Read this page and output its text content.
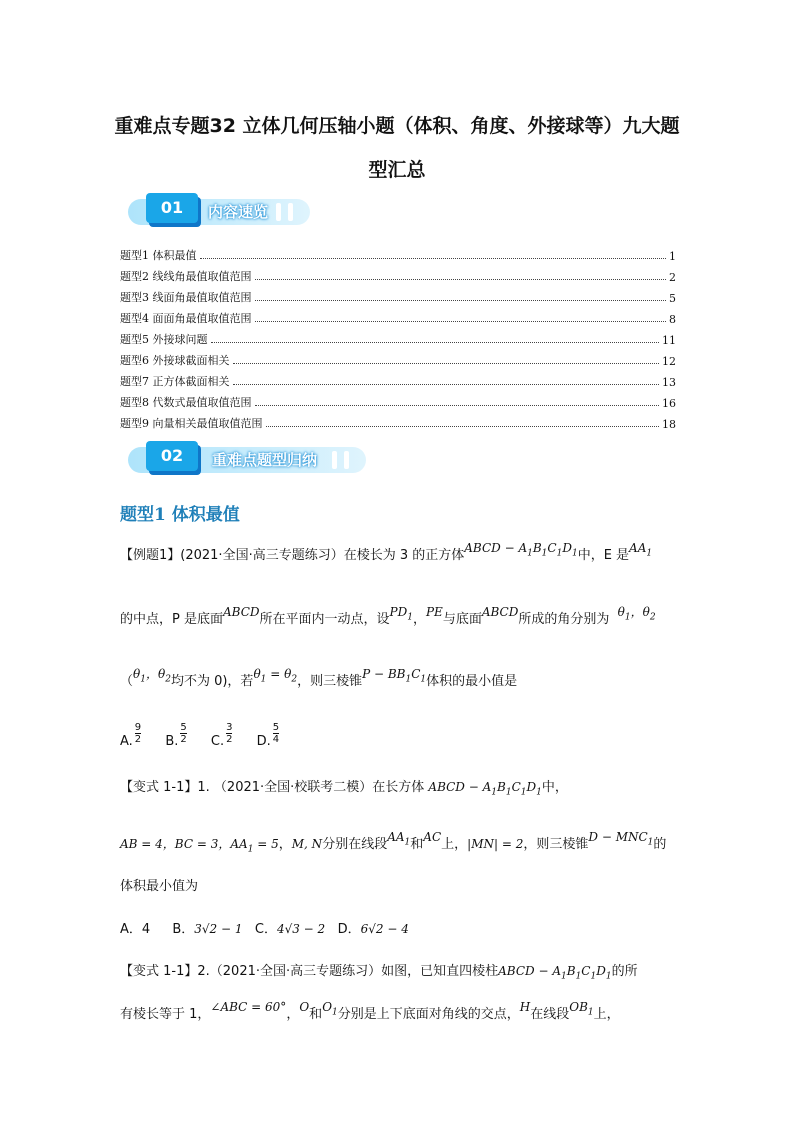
重难点专题32 立体几何压轴小题（体积、角度、外接球等）九大题
型汇总
01	内容速览
题型1 体积最值	1
题型2 线线角最值取值范围	2
题型3 线面角最值取值范围	5
题型4 面面角最值取值范围	8
题型5 外接球问题	11
题型6 外接球截面相关	12
题型7 正方体截面相关	13
题型8 代数式最值取值范围	16
题型9 向量相关最值取值范围	18
02	重难点题型归纳
题型1 体积最值
【例题1】(2021·全国·高三专题练习）在棱长为 3 的正方体ABCD − $A_1B_1C_1D_1$中，E 是$AA_1$
的中点，P 是底面ABCD所在平面内一动点，设$PD_1$，PE与底面ABCD所成的角分别为 $\theta_1$，$\theta_2$
（$\theta_1$，$\theta_2$均不为 0)，若$\theta_1 = \theta_2$，则三棱锥$P - BB_1C_1$体积的最小值是
A. $\frac{9}{2} B$. $\frac{5}{2} C$. $\frac{3}{2} D$. $\frac{5}{4}$
【变式 1-1】1. （2021·全国·校联考二模）在长方体 ABCD − $A_1B_1C_1D_1$中，
AB = 4，BC = 3，$AA_1 = 5$，M, N分别在线段$AA_1$和AC上，|MN| = 2，则三棱锥$D - MNC_1$的
体积最小值为
A．4 B．3√2 − 1 C．4√3 − 2 D．6√2 − 4
【变式 1-1】2.（2021·全国·高三专题练习）如图，已知直四棱柱ABCD − $A_1B_1C_1D_1$的所
有棱长等于 1，∠ABC = 60°，O和$O_1$分别是上下底面对角线的交点，H在线段$OB_1$上，
